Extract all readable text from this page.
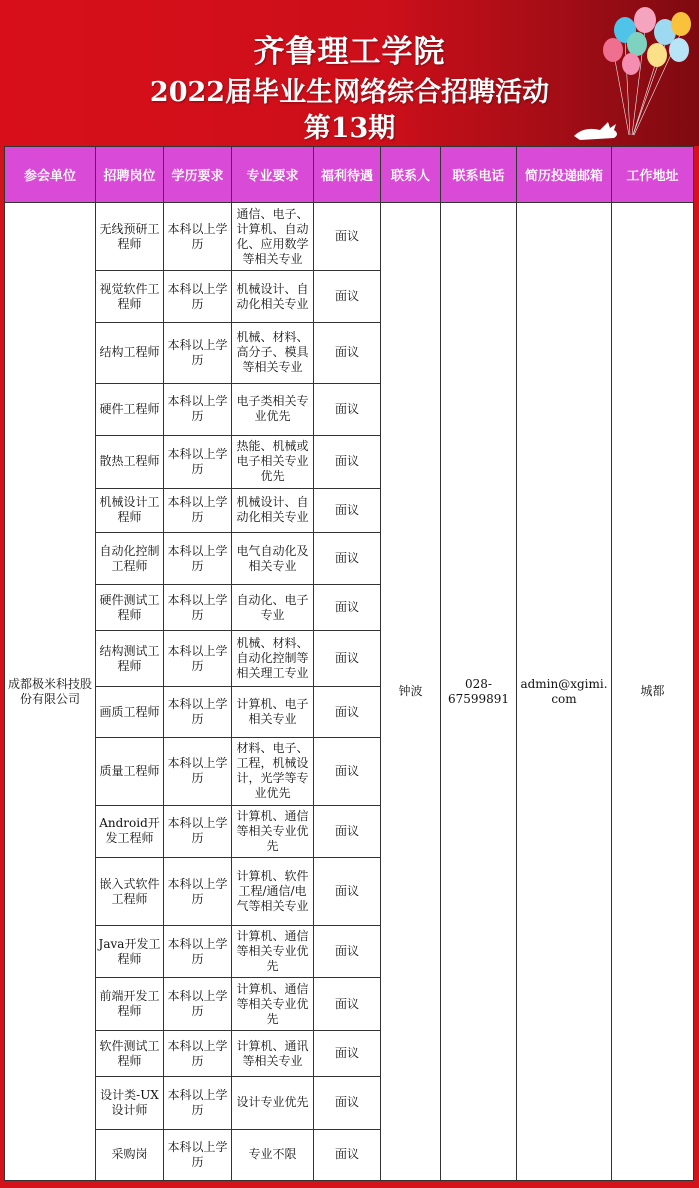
齐鲁理工学院
2022届毕业生网络综合招聘活动
第13期
参会单位	招聘岗位	学历要求	专业要求	福利待遇	联系人	联系电话	简历投递邮箱	工作地址
成都极米科技股份有限公司	无线预研工程师	本科以上学历	通信、电子、计算机、自动化、应用数学等相关专业	面议	钟波	028-67599891	admin@xgimi.com	城都
	视觉软件工程师	本科以上学历	机械设计、自动化相关专业	面议				
	结构工程师	本科以上学历	机械、材料、高分子、模具等相关专业	面议				
	硬件工程师	本科以上学历	电子类相关专业优先	面议				
	散热工程师	本科以上学历	热能、机械或电子相关专业优先	面议				
	机械设计工程师	本科以上学历	机械设计、自动化相关专业	面议				
	自动化控制工程师	本科以上学历	电气自动化及相关专业	面议				
	硬件测试工程师	本科以上学历	自动化、电子专业	面议				
	结构测试工程师	本科以上学历	机械、材料、自动化控制等相关理工专业	面议				
	画质工程师	本科以上学历	计算机、电子相关专业	面议				
	质量工程师	本科以上学历	材料、电子、工程，机械设计，光学等专业优先	面议				
	Android开发工程师	本科以上学历	计算机、通信等相关专业优先	面议				
	嵌入式软件工程师	本科以上学历	计算机、软件工程/通信/电气等相关专业	面议				
	Java开发工程师	本科以上学历	计算机、通信等相关专业优先	面议				
	前端开发工程师	本科以上学历	计算机、通信等相关专业优先	面议				
	软件测试工程师	本科以上学历	计算机、通讯等相关专业	面议				
	设计类-UX设计师	本科以上学历	设计专业优先	面议				
	采购岗	本科以上学历	专业不限	面议				
